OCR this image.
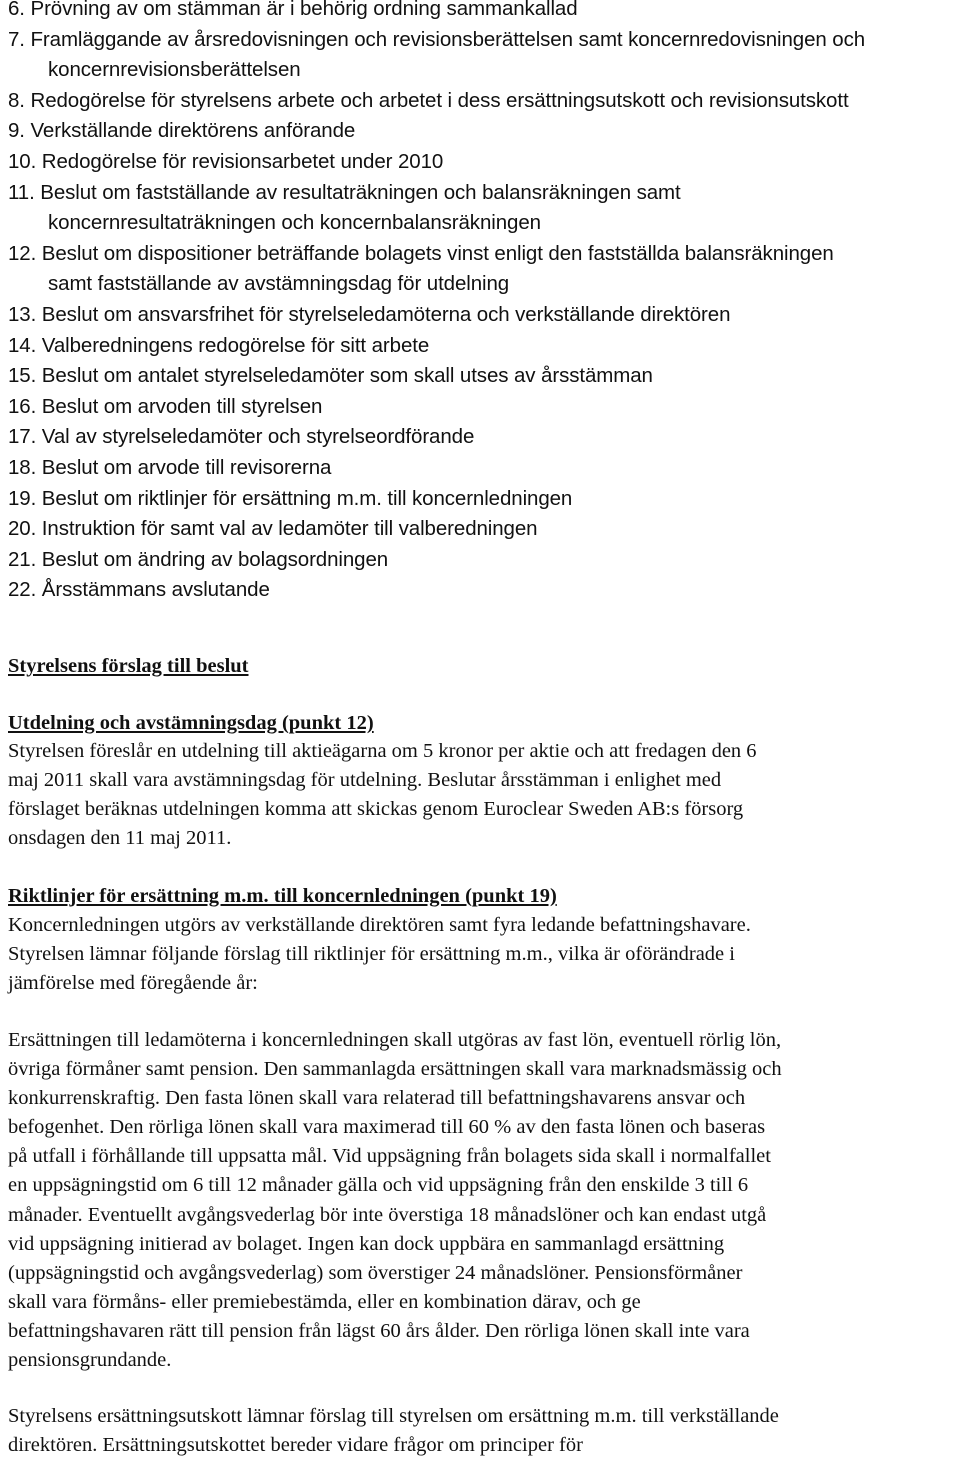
6. Prövning av om stämman är i behörig ordning sammankallad
7. Framläggande av årsredovisningen och revisionsberättelsen samt koncernredovisningen och
koncernrevisionsberättelsen
8. Redogörelse för styrelsens arbete och arbetet i dess ersättningsutskott och revisionsutskott
9. Verkställande direktörens anförande
10. Redogörelse för revisionsarbetet under 2010
11. Beslut om fastställande av resultaträkningen och balansräkningen samt
koncernresultaträkningen och koncernbalansräkningen
12. Beslut om dispositioner beträffande bolagets vinst enligt den fastställda balansräkningen
samt fastställande av avstämningsdag för utdelning
13. Beslut om ansvarsfrihet för styrelseledamöterna och verkställande direktören
14. Valberedningens redogörelse för sitt arbete
15. Beslut om antalet styrelseledamöter som skall utses av årsstämman
16. Beslut om arvoden till styrelsen
17. Val av styrelseledamöter och styrelseordförande
18. Beslut om arvode till revisorerna
19. Beslut om riktlinjer för ersättning m.m. till koncernledningen
20. Instruktion för samt val av ledamöter till valberedningen
21. Beslut om ändring av bolagsordningen
22. Årsstämmans avslutande
Styrelsens förslag till beslut
Utdelning och avstämningsdag (punkt 12)
Styrelsen föreslår en utdelning till aktieägarna om 5 kronor per aktie och att fredagen den 6
maj 2011 skall vara avstämningsdag för utdelning. Beslutar årsstämman i enlighet med
förslaget beräknas utdelningen komma att skickas genom Euroclear Sweden AB:s försorg
onsdagen den 11 maj 2011.
Riktlinjer för ersättning m.m. till koncernledningen (punkt 19)
Koncernledningen utgörs av verkställande direktören samt fyra ledande befattningshavare.
Styrelsen lämnar följande förslag till riktlinjer för ersättning m.m., vilka är oförändrade i
jämförelse med föregående år:
Ersättningen till ledamöterna i koncernledningen skall utgöras av fast lön, eventuell rörlig lön,
övriga förmåner samt pension. Den sammanlagda ersättningen skall vara marknadsmässig och
konkurrenskraftig. Den fasta lönen skall vara relaterad till befattningshavarens ansvar och
befogenhet. Den rörliga lönen skall vara maximerad till 60 % av den fasta lönen och baseras
på utfall i förhållande till uppsatta mål. Vid uppsägning från bolagets sida skall i normalfallet
en uppsägningstid om 6 till 12 månader gälla och vid uppsägning från den enskilde 3 till 6
månader. Eventuellt avgångsvederlag bör inte överstiga 18 månadslöner och kan endast utgå
vid uppsägning initierad av bolaget. Ingen kan dock uppbära en sammanlagd ersättning
(uppsägningstid och avgångsvederlag) som överstiger 24 månadslöner. Pensionsförmåner
skall vara förmåns- eller premiebestämda, eller en kombination därav, och ge
befattningshavaren rätt till pension från lägst 60 års ålder. Den rörliga lönen skall inte vara
pensionsgrundande.
Styrelsens ersättningsutskott lämnar förslag till styrelsen om ersättning m.m. till verkställande
direktören. Ersättningsutskottet bereder vidare frågor om principer för
